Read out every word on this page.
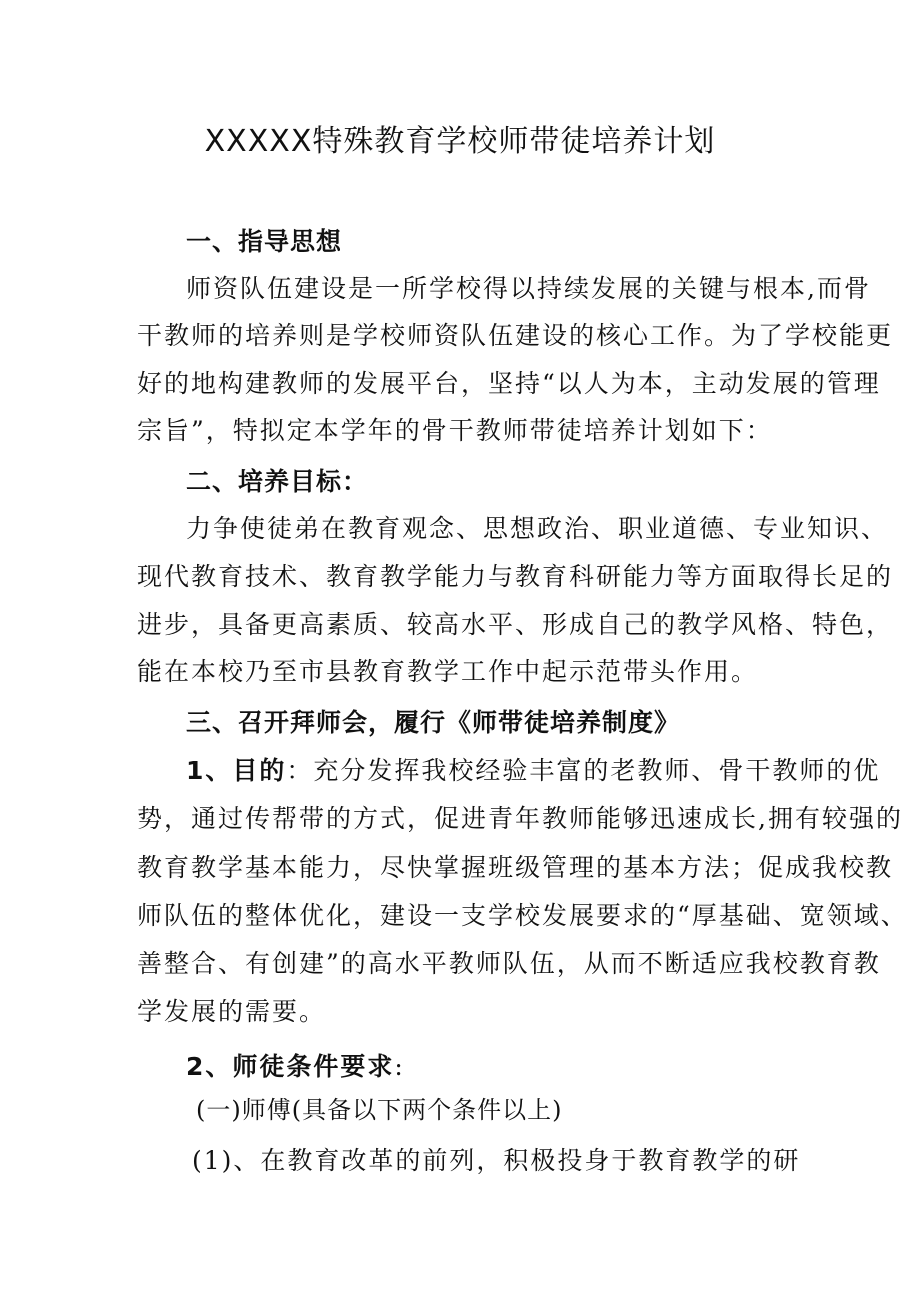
XXXXX特殊教育学校师带徒培养计划
一、指导思想
师资队伍建设是一所学校得以持续发展的关键与根本,而骨
干教师的培养则是学校师资队伍建设的核心工作。为了学校能更
好的地构建教师的发展平台，坚持“以人为本，主动发展的管理
宗旨”，特拟定本学年的骨干教师带徒培养计划如下：
二、培养目标：
力争使徒弟在教育观念、思想政治、职业道德、专业知识、
现代教育技术、教育教学能力与教育科研能力等方面取得长足的
进步，具备更高素质、较高水平、形成自己的教学风格、特色，
能在本校乃至市县教育教学工作中起示范带头作用。
三、召开拜师会，履行《师带徒培养制度》
1、目的：充分发挥我校经验丰富的老教师、骨干教师的优
势，通过传帮带的方式，促进青年教师能够迅速成长,拥有较强的
教育教学基本能力，尽快掌握班级管理的基本方法；促成我校教
师队伍的整体优化，建设一支学校发展要求的“厚基础、宽领域、
善整合、有创建”的高水平教师队伍，从而不断适应我校教育教
学发展的需要。
2、师徒条件要求:
(一)师傅(具备以下两个条件以上)
(1)、在教育改革的前列，积极投身于教育教学的研
